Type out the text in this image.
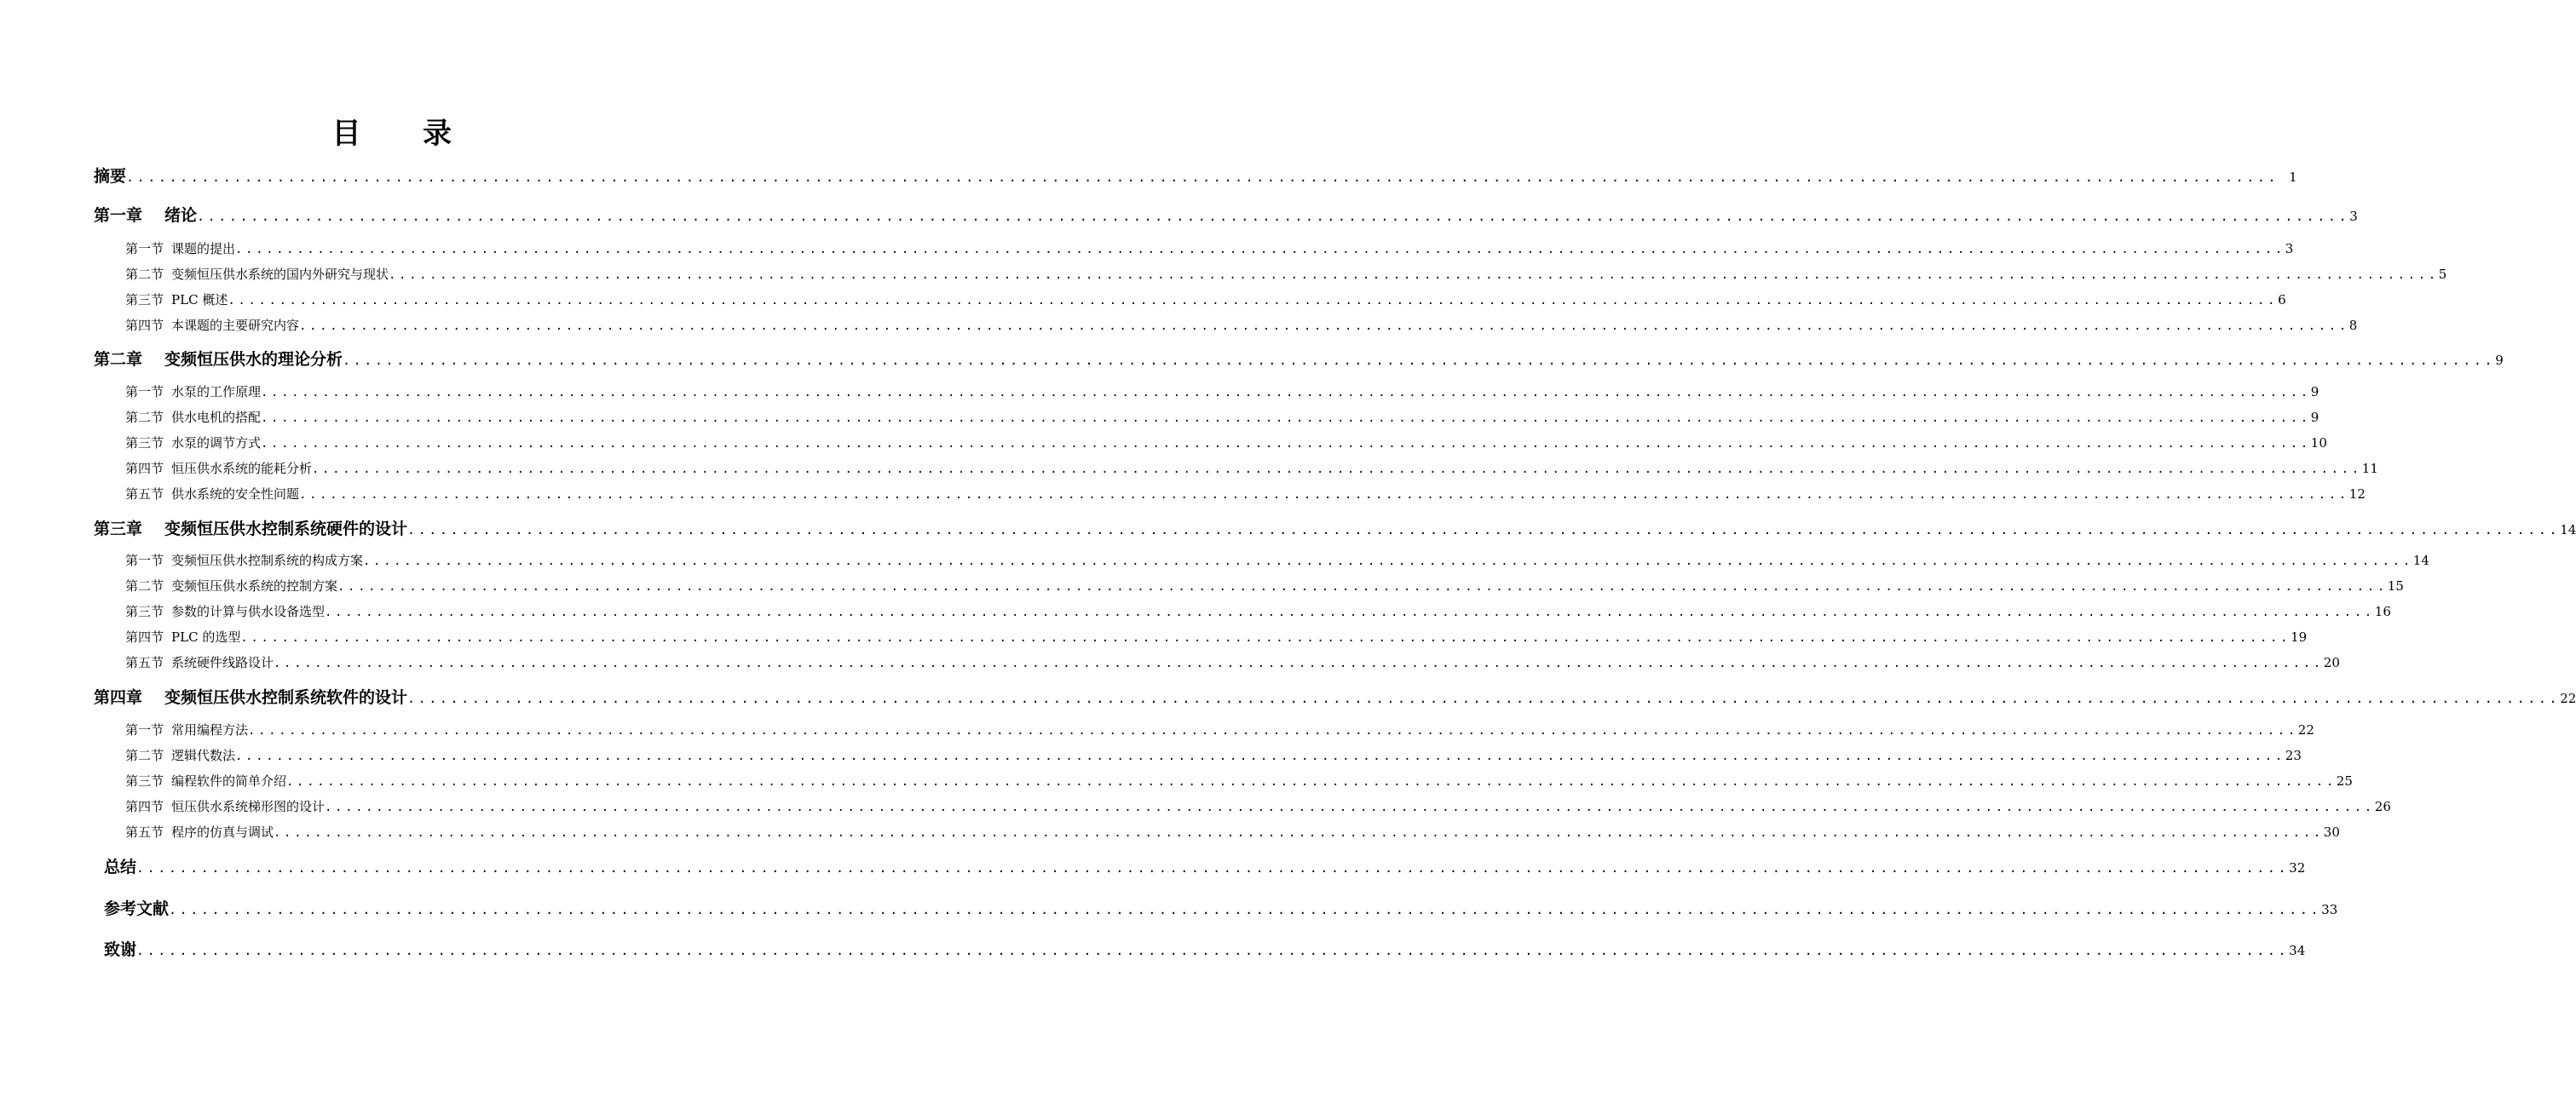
目 录
摘要 ........................................................................................................................................................................................................ 1
第一章 绪论 ........................................................................................................................................................................................................ 3
第一节 课题的提出 ........................................................................................................................................................................................................ 3
第二节 变频恒压供水系统的国内外研究与现状 ........................................................................................................................................................................................................ 5
第三节 PLC 概述 ........................................................................................................................................................................................................ 6
第四节 本课题的主要研究内容 ........................................................................................................................................................................................................ 8
第二章 变频恒压供水的理论分析 ........................................................................................................................................................................................................ 9
第一节 水泵的工作原理 ........................................................................................................................................................................................................ 9
第二节 供水电机的搭配 ........................................................................................................................................................................................................ 9
第三节 水泵的调节方式 ........................................................................................................................................................................................................ 10
第四节 恒压供水系统的能耗分析 ........................................................................................................................................................................................................ 11
第五节 供水系统的安全性问题 ........................................................................................................................................................................................................ 12
第三章 变频恒压供水控制系统硬件的设计 ........................................................................................................................................................................................................ 14
第一节 变频恒压供水控制系统的构成方案 ........................................................................................................................................................................................................ 14
第二节 变频恒压供水系统的控制方案 ........................................................................................................................................................................................................ 15
第三节 参数的计算与供水设备选型 ........................................................................................................................................................................................................ 16
第四节 PLC 的选型 ........................................................................................................................................................................................................ 19
第五节 系统硬件线路设计 ........................................................................................................................................................................................................ 20
第四章 变频恒压供水控制系统软件的设计 ........................................................................................................................................................................................................ 22
第一节 常用编程方法 ........................................................................................................................................................................................................ 22
第二节 逻辑代数法 ........................................................................................................................................................................................................ 23
第三节 编程软件的简单介绍 ........................................................................................................................................................................................................ 25
第四节 恒压供水系统梯形图的设计 ........................................................................................................................................................................................................ 26
第五节 程序的仿真与调试 ........................................................................................................................................................................................................ 30
总结 ........................................................................................................................................................................................................ 32
参考文献 ........................................................................................................................................................................................................ 33
致谢 ........................................................................................................................................................................................................ 34
